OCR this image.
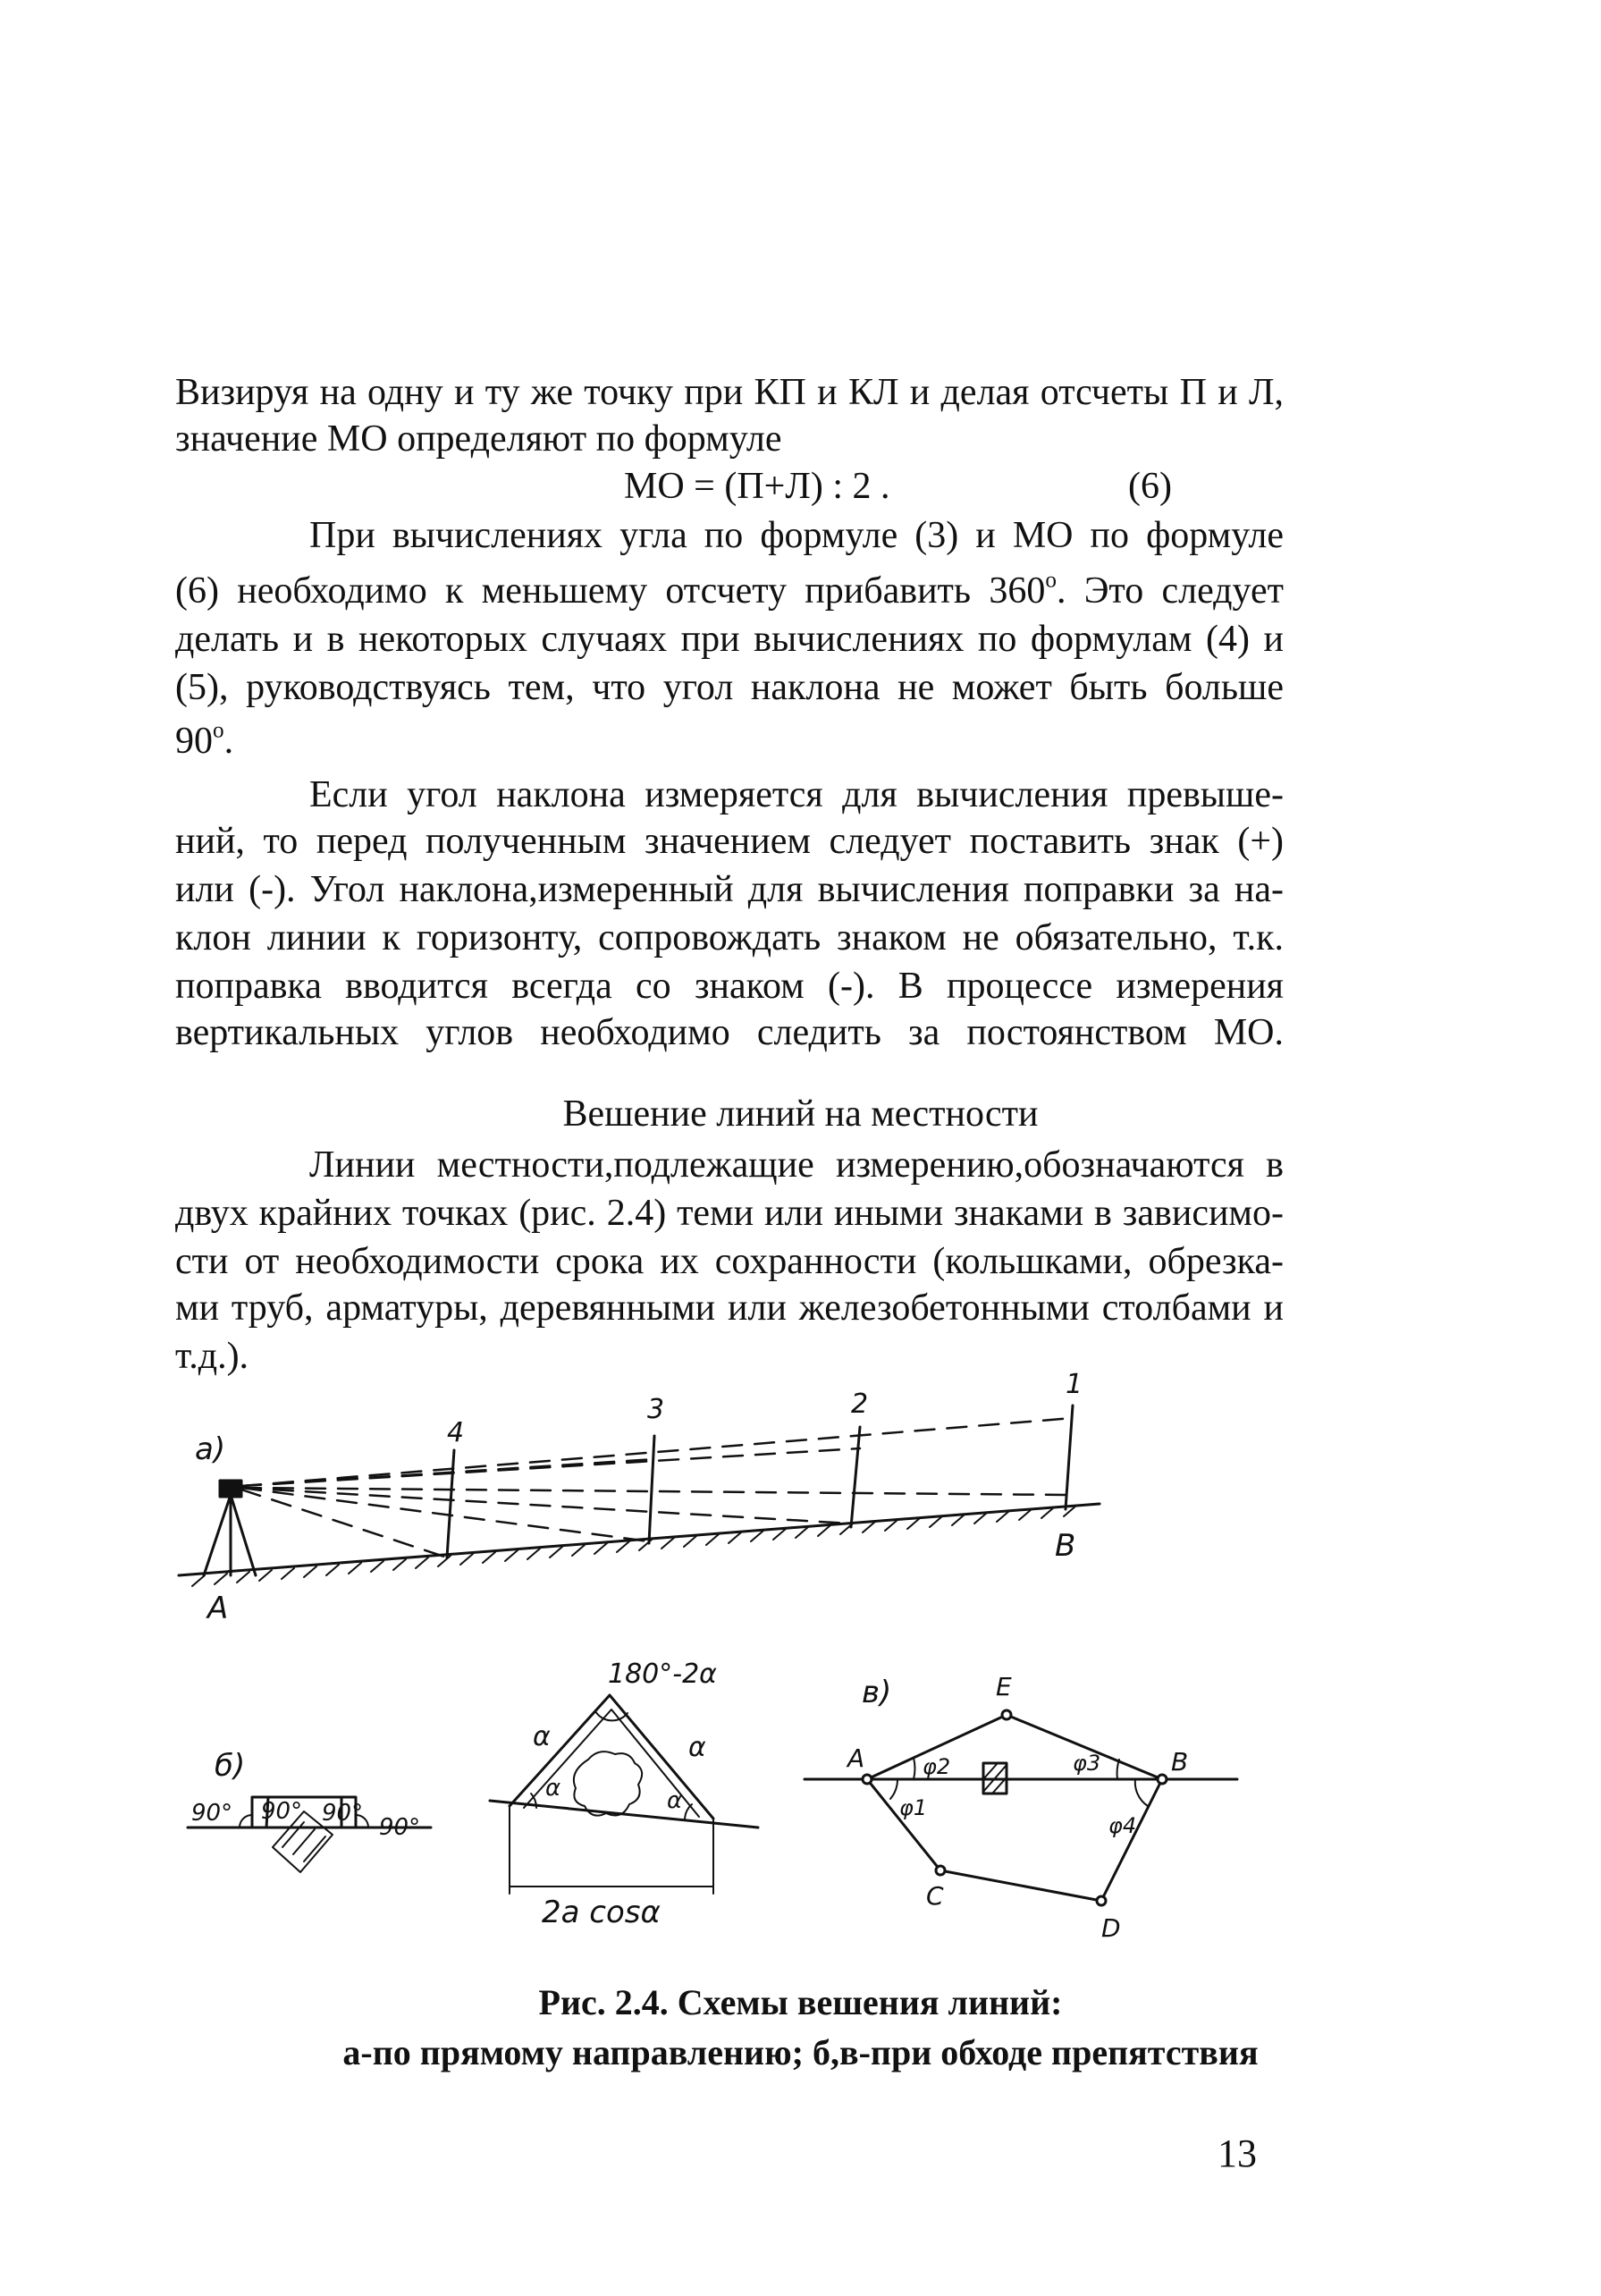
Визируя на одну и ту же точку при КП и КЛ и делая отсчеты П и Л,
значение МО определяют по формуле
МО = (П+Л) : 2 .	(6)
При вычислениях угла по формуле (3) и МО по формуле
(6) необходимо к меньшему отсчету прибавить $360^о$. Это следует
делать и в некоторых случаях при вычислениях по формулам (4) и
(5), руководствуясь тем, что угол наклона не может быть больше
$90^о$.
Если угол наклона измеряется для вычисления превыше-
ний, то перед полученным значением следует поставить знак (+)
или (-). Угол наклона,измеренный для вычисления поправки за на-
клон линии к горизонту, сопровождать знаком не обязательно, т.к.
поправка вводится всегда со знаком (-). В процессе измерения
вертикальных углов необходимо следить за постоянством МО.
Вешение линий на местности
Линии местности,подлежащие измерению,обозначаются в
двух крайних точках (рис. 2.4) теми или иными знаками в зависимо-
сти от необходимости срока их сохранности (кольшками, обрезка-
ми труб, арматуры, деревянными или железобетонными столбами и
т.д.).
а)	4
3	2
1
A
B
б)
90° 90° 90°
90°
180°-2α
α	α
α	α
2a cosα
в)
A
E
B
C
D
φ2
φ1
φ3
φ4
Рис. 2.4. Схемы вешения линий:
а-по прямому направлению; б,в-при обходе препятствия
13
